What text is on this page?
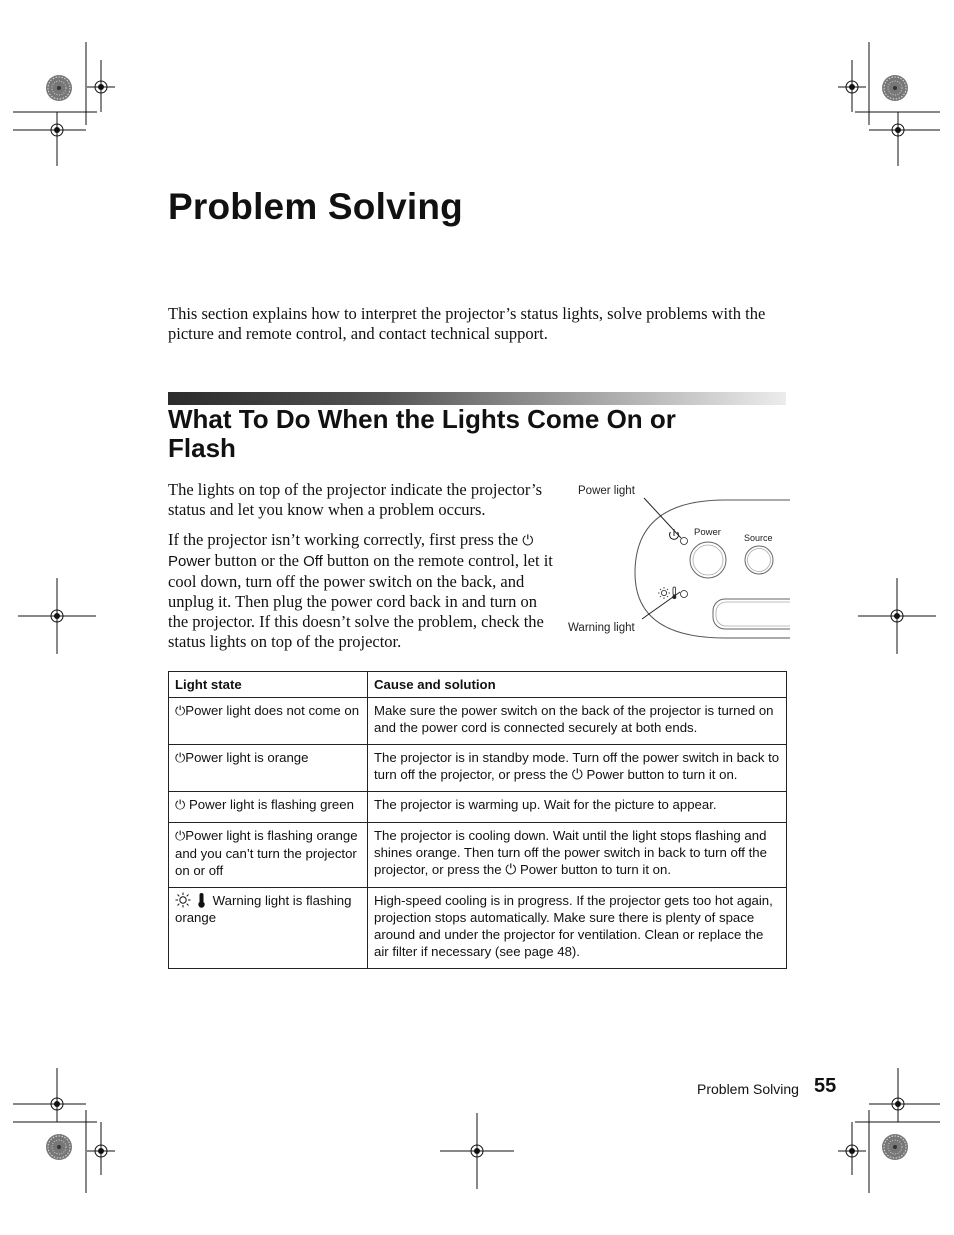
Problem Solving

This section explains how to interpret the projector’s status lights, solve problems with the picture and remote control, and contact technical support.

What To Do When the Lights Come On or Flash

The lights on top of the projector indicate the projector’s status and let you know when a problem occurs.

If the projector isn’t working correctly, first press the ⏻ Power button or the Off button on the remote control, let it cool down, turn off the power switch on the back, and unplug it. Then plug the power cord back in and turn on the projector. If this doesn’t solve the problem, check the status lights on top of the projector.

Power light
Warning light
Power	Source
Light state	Cause and solution
⏻Power light does not come on	Make sure the power switch on the back of the projector is turned on and the power cord is connected securely at both ends.
⏻Power light is orange	The projector is in standby mode. Turn off the power switch in back to turn off the projector, or press the ⏻ Power button to turn it on.
⏻ Power light is flashing green	The projector is warming up. Wait for the picture to appear.
⏻Power light is flashing orange and you can’t turn the projector on or off	The projector is cooling down. Wait until the light stops flashing and shines orange. Then turn off the power switch in back to turn off the projector, or press the ⏻ Power button to turn it on.
Warning light is flashing orange	High-speed cooling is in progress. If the projector gets too hot again, projection stops automatically. Make sure there is plenty of space around and under the projector for ventilation. Clean or replace the air filter if necessary (see page 48).
Problem Solving 55
